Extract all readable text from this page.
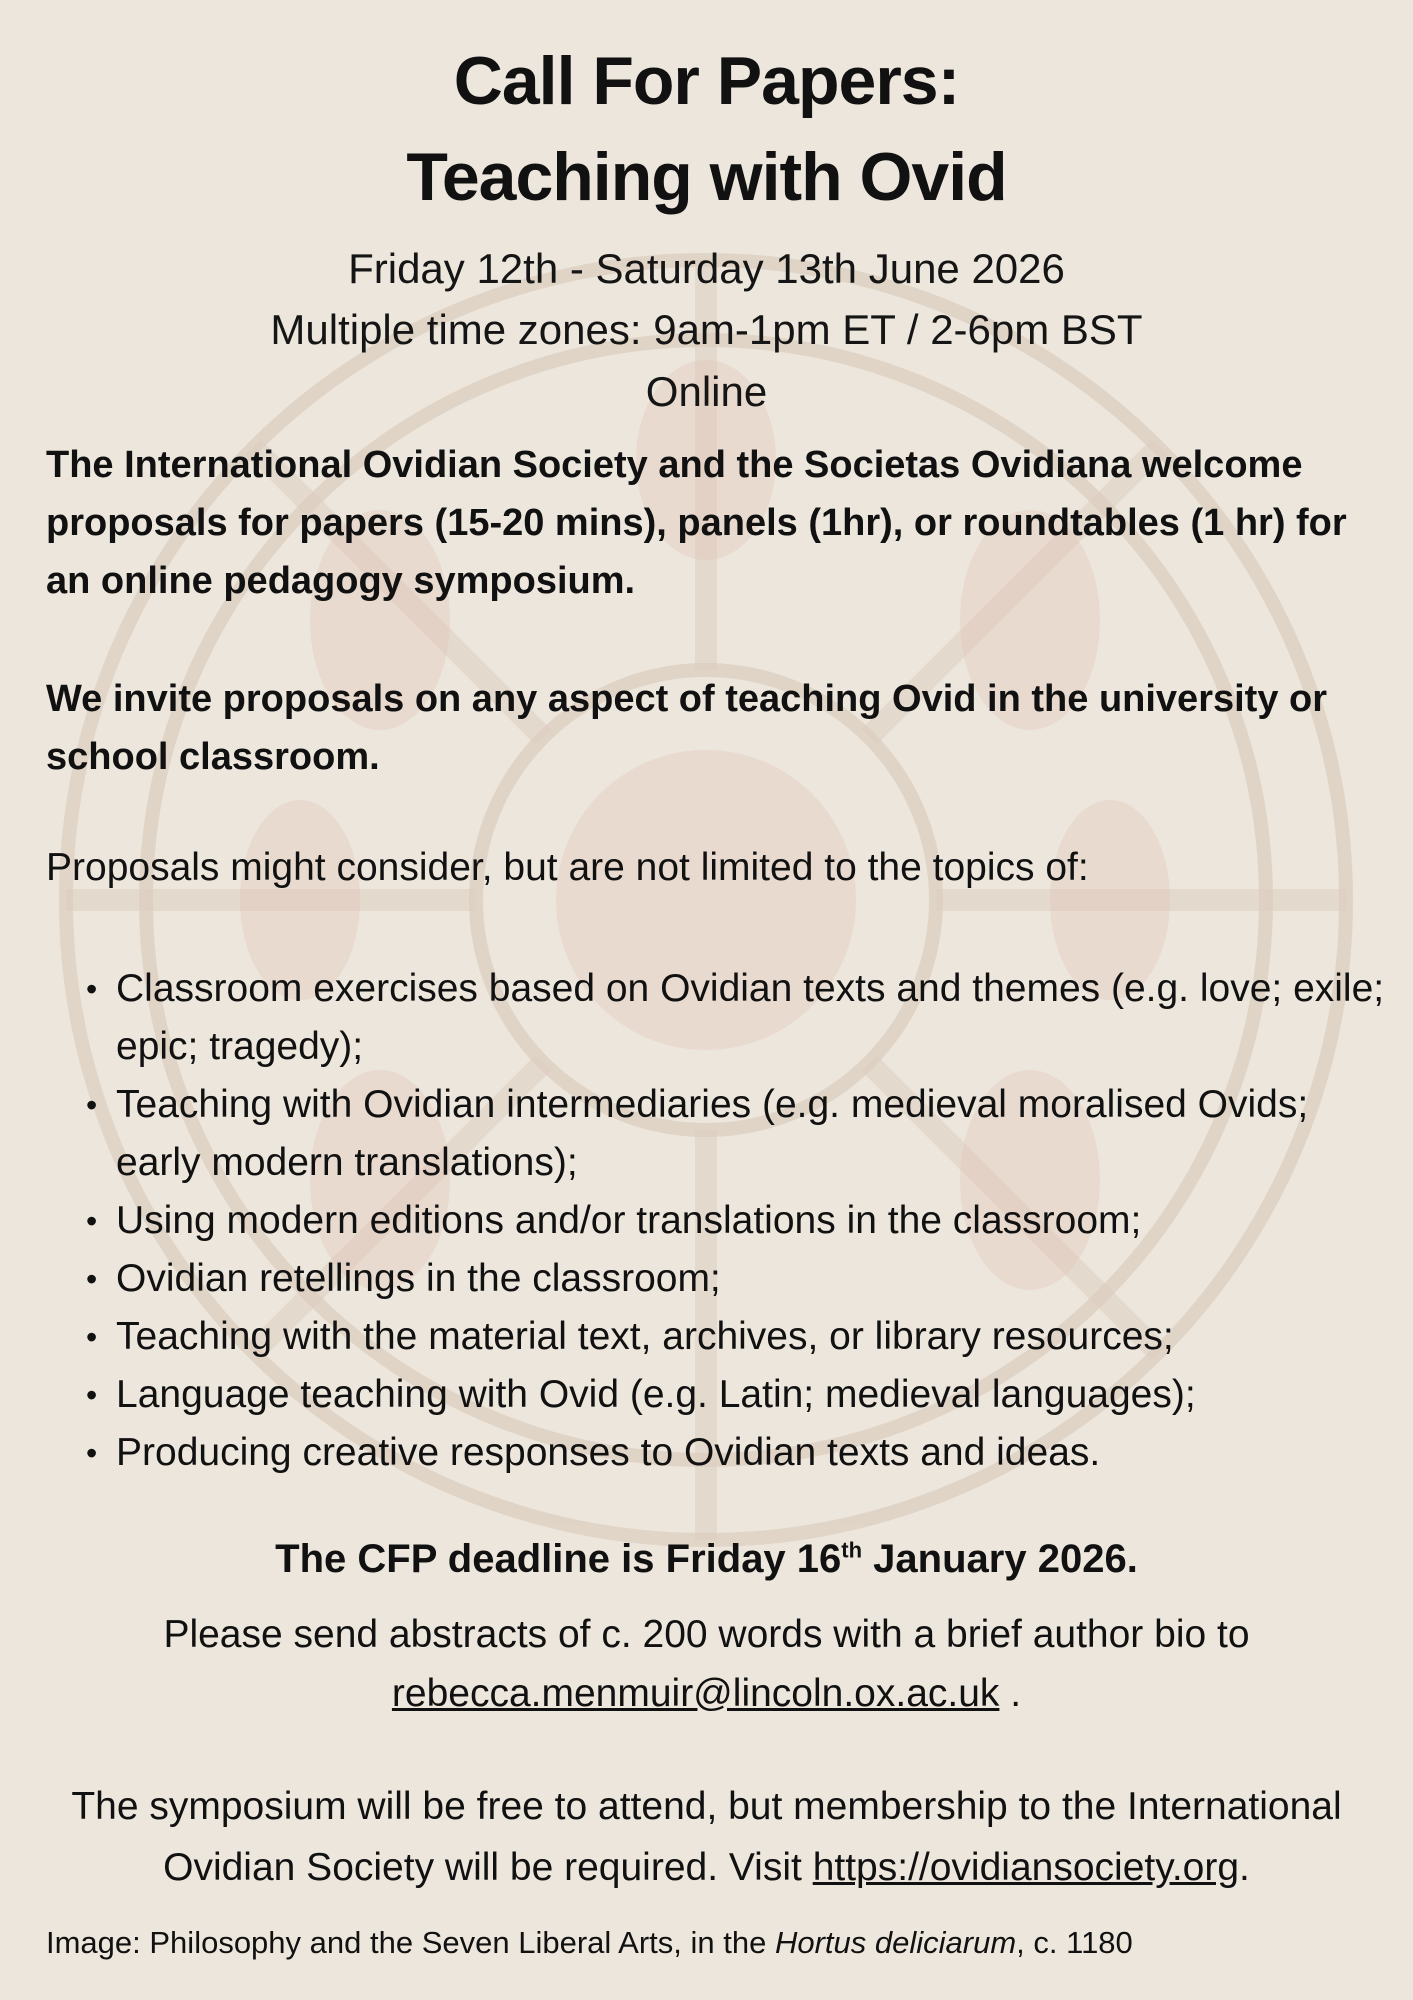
Call For Papers:
Teaching with Ovid

Friday 12th - Saturday 13th June 2026

Multiple time zones: 9am-1pm ET / 2-6pm BST

Online

The International Ovidian Society and the Societas Ovidiana welcome proposals for papers (15-20 mins), panels (1hr), or roundtables (1 hr) for an online pedagogy symposium.

We invite proposals on any aspect of teaching Ovid in the university or school classroom.

Proposals might consider, but are not limited to the topics of:

• Classroom exercises based on Ovidian texts and themes (e.g. love; exile; epic; tragedy);
• Teaching with Ovidian intermediaries (e.g. medieval moralised Ovids; early modern translations);
• Using modern editions and/or translations in the classroom;
• Ovidian retellings in the classroom;
• Teaching with the material text, archives, or library resources;
• Language teaching with Ovid (e.g. Latin; medieval languages);
• Producing creative responses to Ovidian texts and ideas.

The CFP deadline is Friday 16th January 2026.

Please send abstracts of c. 200 words with a brief author bio to

rebecca.menmuir@lincoln.ox.ac.uk .

The symposium will be free to attend, but membership to the International

Ovidian Society will be required. Visit https://ovidiansociety.org.

Image: Philosophy and the Seven Liberal Arts, in the Hortus deliciarum, c. 1180
